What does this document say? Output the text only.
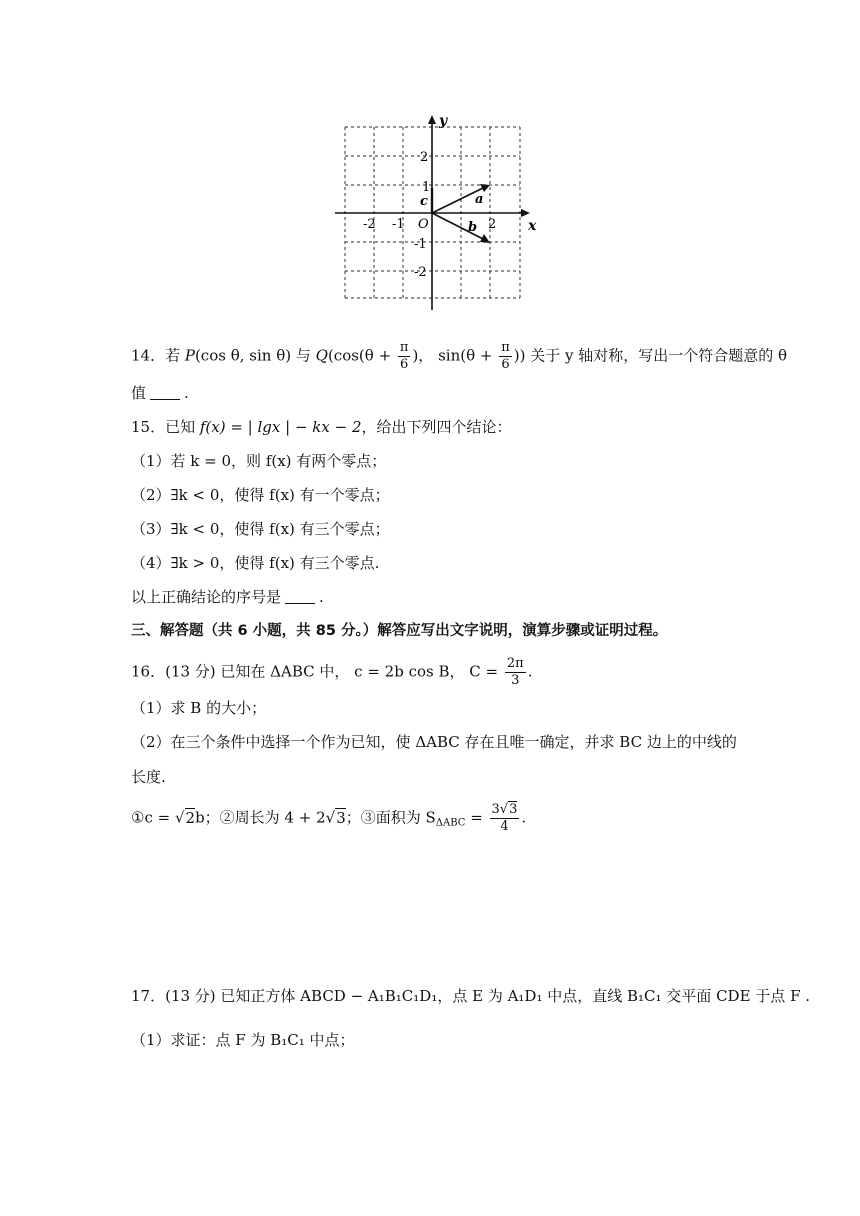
y
x
O
-2 -1	2
2
1
-1
-2
a
b
c
14．若 P(cos θ, sin θ) 与 $Q(\cos(\theta + \frac{\pi}{6}$ )， $\sin(\theta + \frac{\pi}{6}$ )) 关于 y 轴对称，写出一个符合题意的 θ
值	.
15．已知 f(x) = | lgx | − kx − 2，给出下列四个结论：
（1）若 k = 0，则 f(x) 有两个零点；
（2）∃k < 0，使得 f(x) 有一个零点；
（3）∃k < 0，使得 f(x) 有三个零点；
（4）∃k > 0，使得 f(x) 有三个零点.
以上正确结论的序号是	.
三、解答题（共 6 小题，共 85 分。）解答应写出文字说明，演算步骤或证明过程。
16．(13 分) 已知在 ΔABC 中， c = 2b cos B， $C = \frac{2\pi}{3}$ .
（1）求 B 的大小；
（2）在三个条件中选择一个作为已知，使 ΔABC 存在且唯一确定，并求 BC 边上的中线的
长度.
①c = √2b；②周长为 4 + 2√3；③面积为 $S_{\Delta ABC} = \frac{3√3}{4}$ .
17．(13 分) 已知正方体 ABCD − A₁B₁C₁D₁，点 E 为 A₁D₁ 中点，直线 B₁C₁ 交平面 CDE 于点 F .
（1）求证：点 F 为 B₁C₁ 中点；
